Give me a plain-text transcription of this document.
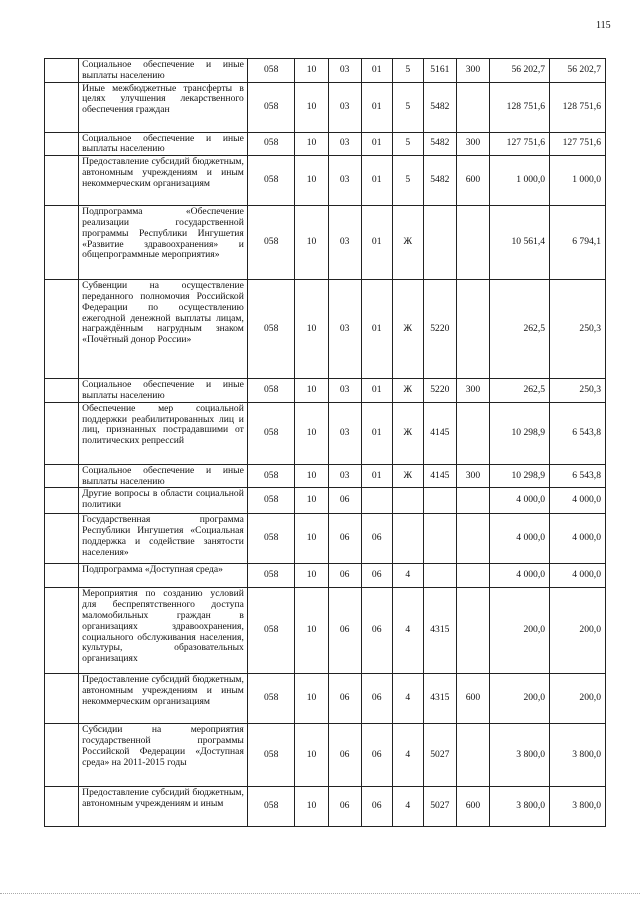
115
	Социальное обеспечение и иные выплаты населению	058	10	03	01	5	5161	300	56 202,7	56 202,7
	Иные межбюджетные трансферты в целях улучшения лекарственного обеспечения граждан	058	10	03	01	5	5482		128 751,6	128 751,6
	Социальное обеспечение и иные выплаты населению	058	10	03	01	5	5482	300	127 751,6	127 751,6
	Предоставление субсидий бюджетным, автономным учреждениям и иным некоммерческим организациям	058	10	03	01	5	5482	600	1 000,0	1 000,0
	Подпрограмма «Обеспечение реализации государственной программы Республики Ингушетия «Развитие здравоохранения» и общепрограммные мероприятия»	058	10	03	01	Ж			10 561,4	6 794,1
	Субвенции на осуществление переданного полномочия Российской Федерации по осуществлению ежегодной денежной выплаты лицам, награждённым нагрудным знаком «Почётный донор России»	058	10	03	01	Ж	5220		262,5	250,3
	Социальное обеспечение и иные выплаты населению	058	10	03	01	Ж	5220	300	262,5	250,3
	Обеспечение мер социальной поддержки реабилитированных лиц и лиц, признанных пострадавшими от политических репрессий	058	10	03	01	Ж	4145		10 298,9	6 543,8
	Социальное обеспечение и иные выплаты населению	058	10	03	01	Ж	4145	300	10 298,9	6 543,8
	Другие вопросы в области социальной политики	058	10	06					4 000,0	4 000,0
	Государственная программа Республики Ингушетия «Социальная поддержка и содействие занятости населения»	058	10	06	06				4 000,0	4 000,0
	Подпрограмма «Доступная среда»	058	10	06	06	4			4 000,0	4 000,0
	Мероприятия по созданию условий для беспрепятственного доступа маломобильных граждан в организациях здравоохранения, социального обслуживания населения, культуры, образовательных организациях	058	10	06	06	4	4315		200,0	200,0
	Предоставление субсидий бюджетным, автономным учреждениям и иным некоммерческим организациям	058	10	06	06	4	4315	600	200,0	200,0
	Субсидии на мероприятия государственной программы Российской Федерации «Доступная среда» на 2011-2015 годы	058	10	06	06	4	5027		3 800,0	3 800,0
	Предоставление субсидий бюджетным, автономным учреждениям и иным	058	10	06	06	4	5027	600	3 800,0	3 800,0
